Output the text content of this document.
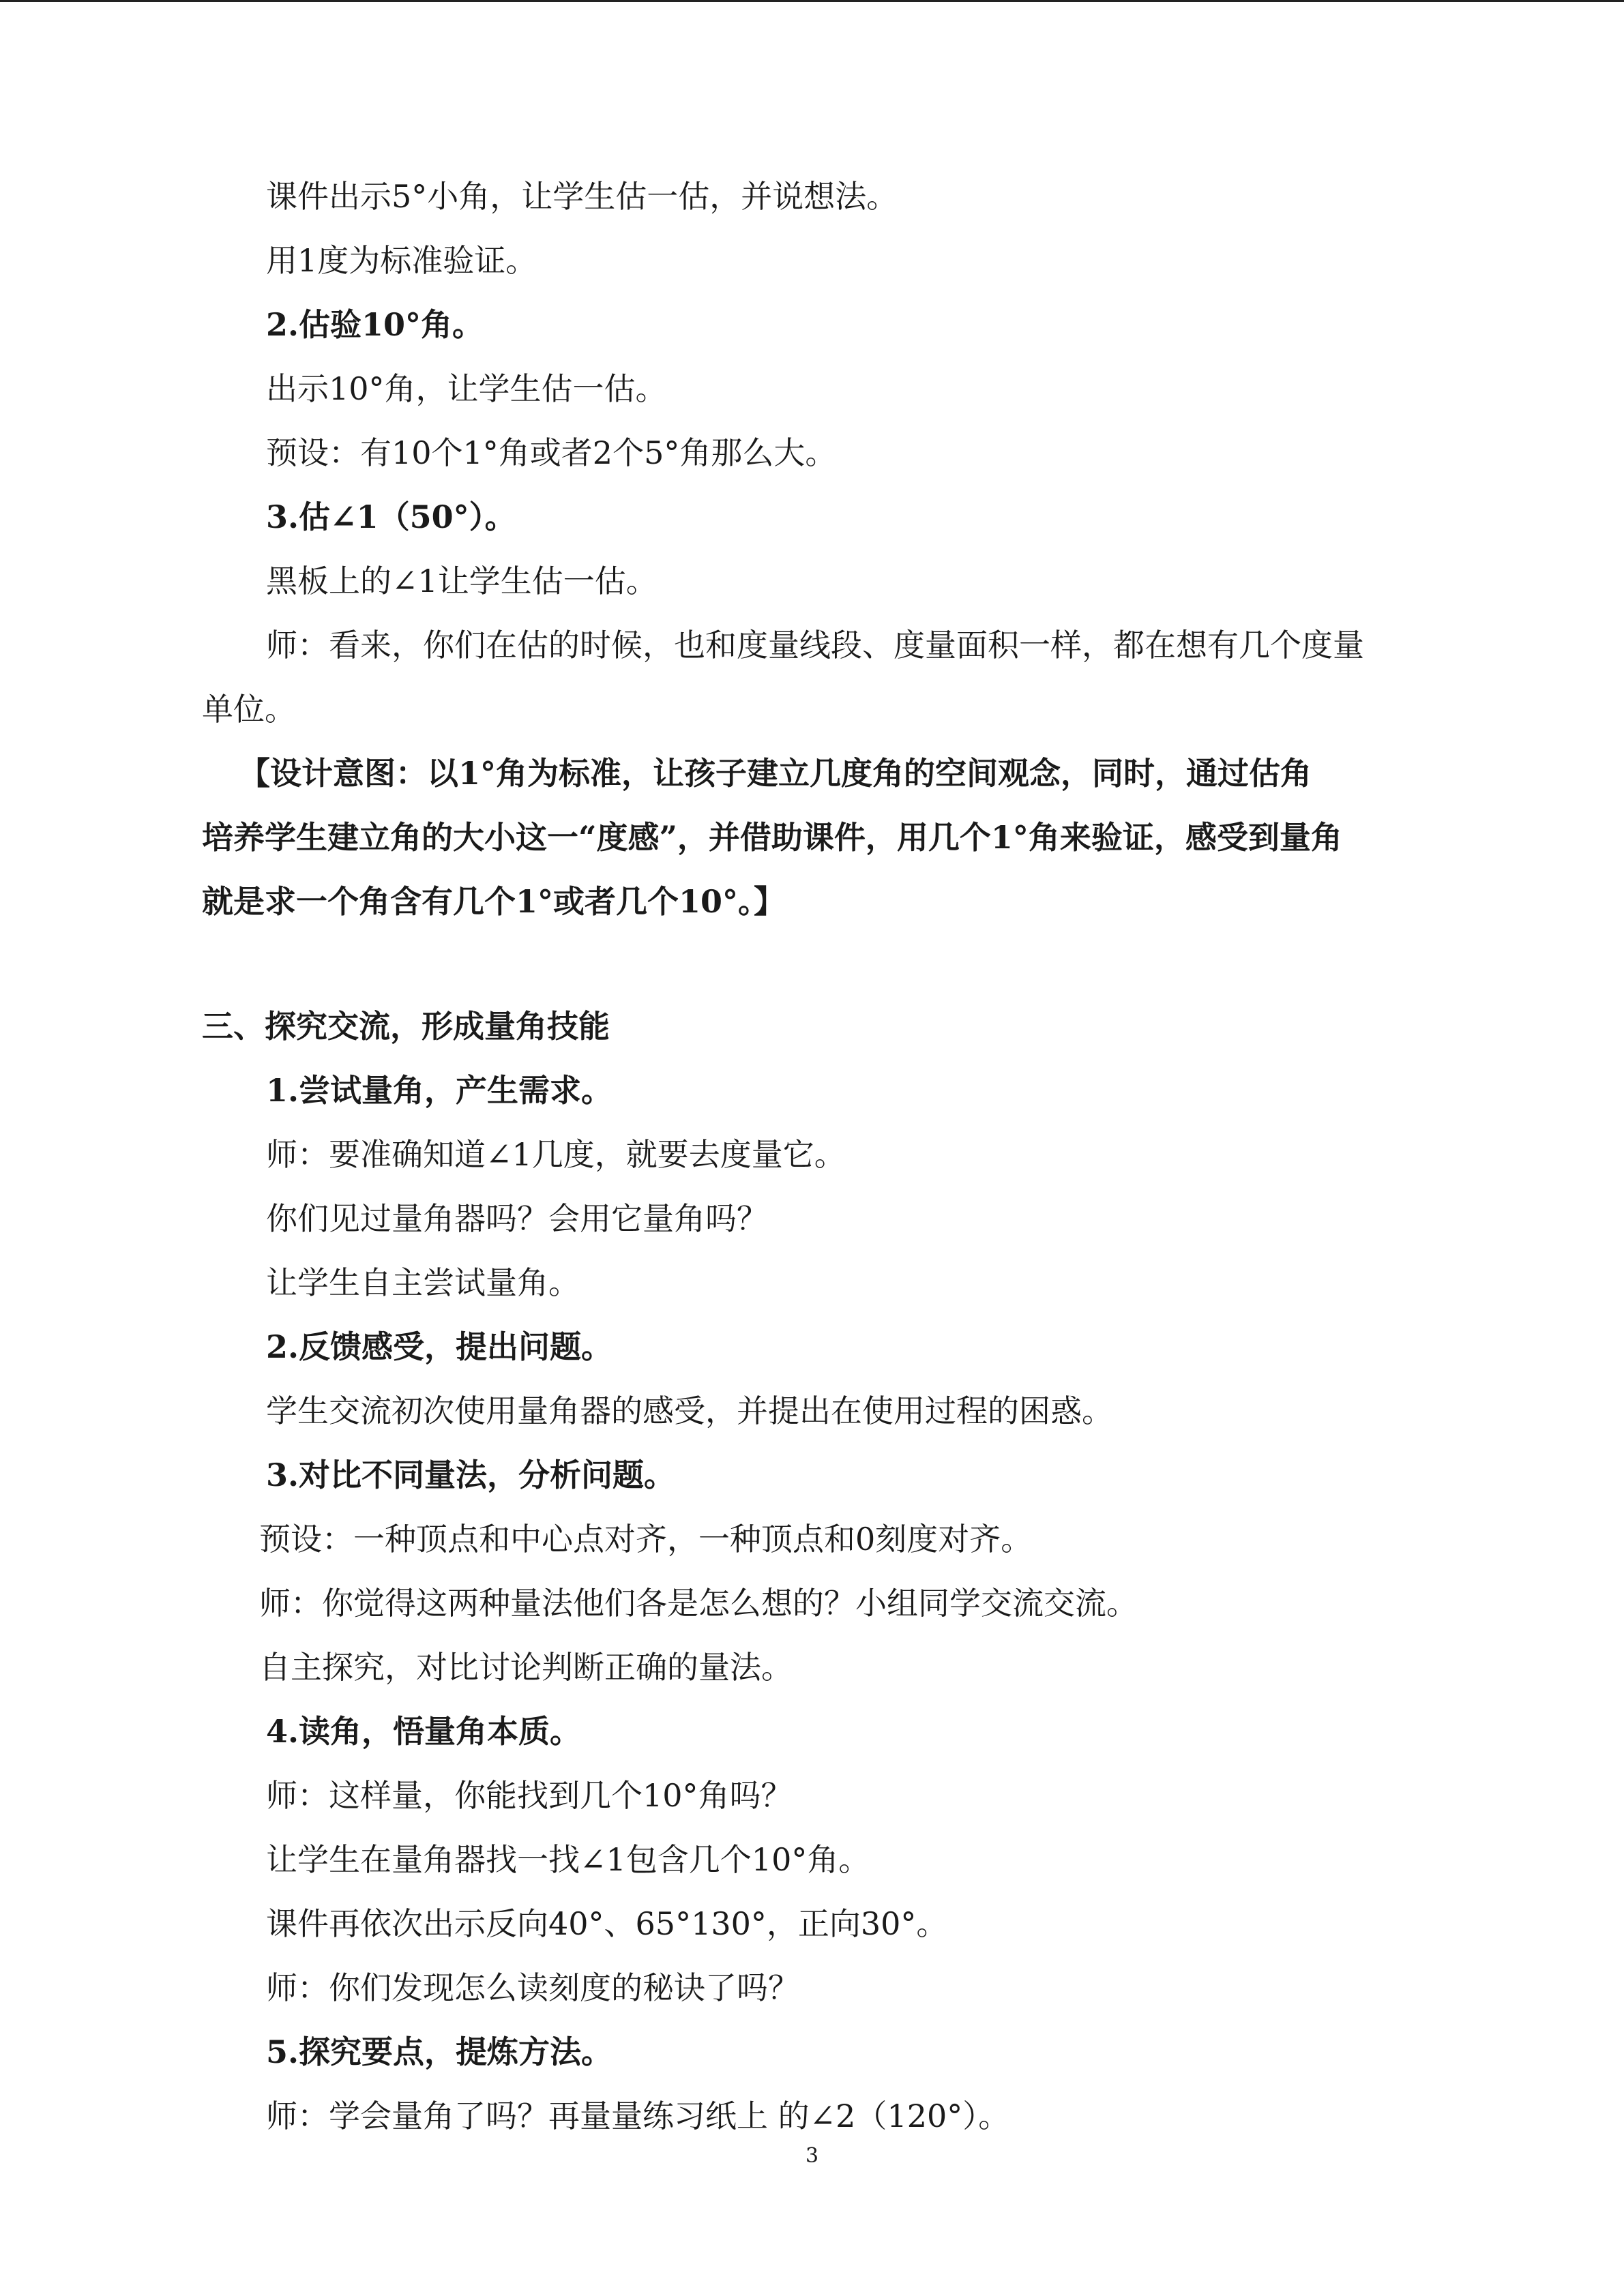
课件出示5°小角，让学生估一估，并说想法。

用1度为标准验证。

2.估验10°角。

出示10°角，让学生估一估。

预设：有10个1°角或者2个5°角那么大。

3.估∠1（50°）。

黑板上的∠1让学生估一估。

师：看来，你们在估的时候，也和度量线段、度量面积一样，都在想有几个度量

单位。

【设计意图：以1°角为标准，让孩子建立几度角的空间观念，同时，通过估角

培养学生建立角的大小这一“度感”，并借助课件，用几个1°角来验证，感受到量角

就是求一个角含有几个1°或者几个10°。】

三、探究交流，形成量角技能

1.尝试量角，产生需求。

师：要准确知道∠1几度，就要去度量它。

你们见过量角器吗？会用它量角吗？

让学生自主尝试量角。

2.反馈感受，提出问题。

学生交流初次使用量角器的感受，并提出在使用过程的困惑。

3.对比不同量法，分析问题。

预设：一种顶点和中心点对齐，一种顶点和0刻度对齐。

师：你觉得这两种量法他们各是怎么想的？小组同学交流交流。

自主探究，对比讨论判断正确的量法。

4.读角，悟量角本质。

师：这样量，你能找到几个10°角吗？

让学生在量角器找一找∠1包含几个10°角。

课件再依次出示反向40°、65°130°，正向30°。

师：你们发现怎么读刻度的秘诀了吗？

5.探究要点，提炼方法。

师：学会量角了吗？再量量练习纸上 的∠2（120°）。

3
